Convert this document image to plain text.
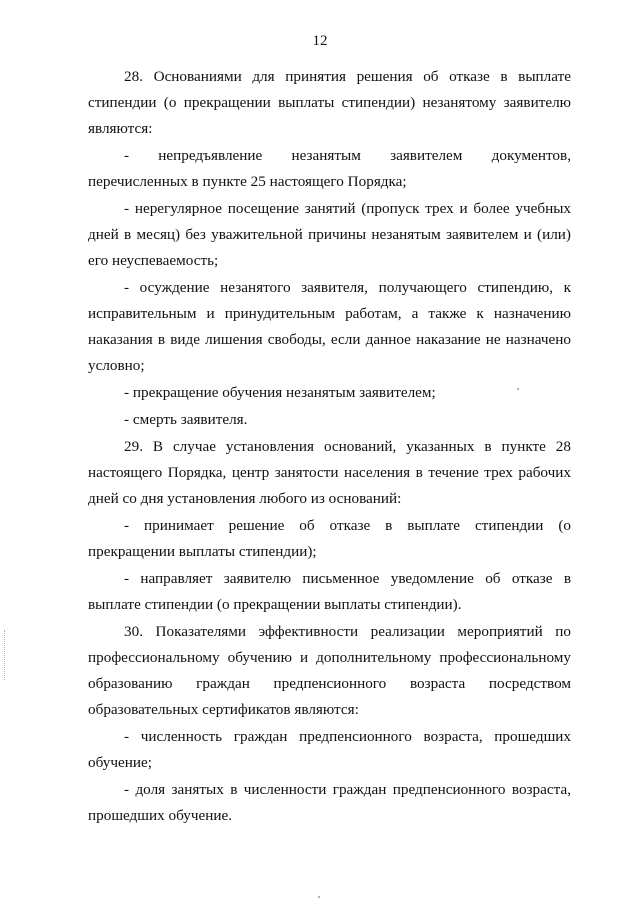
12

28. Основаниями для принятия решения об отказе в выплате стипендии (о прекращении выплаты стипендии) незанятому заявителю являются:

- непредъявление незанятым заявителем документов, перечисленных в пункте 25 настоящего Порядка;

- нерегулярное посещение занятий (пропуск трех и более учебных дней в месяц) без уважительной причины незанятым заявителем и (или) его неуспеваемость;

- осуждение незанятого заявителя, получающего стипендию, к исправительным и принудительным работам, а также к назначению наказания в виде лишения свободы, если данное наказание не назначено условно;

- прекращение обучения незанятым заявителем;

- смерть заявителя.

29. В случае установления оснований, указанных в пункте 28 настоящего Порядка, центр занятости населения в течение трех рабочих дней со дня установления любого из оснований:

- принимает решение об отказе в выплате стипендии (о прекращении выплаты стипендии);

- направляет заявителю письменное уведомление об отказе в выплате стипендии (о прекращении выплаты стипендии).

30. Показателями эффективности реализации мероприятий по профессиональному обучению и дополнительному профессиональному образованию граждан предпенсионного возраста посредством образовательных сертификатов являются:

- численность граждан предпенсионного возраста, прошедших обучение;

- доля занятых в численности граждан предпенсионного возраста, прошедших обучение.
